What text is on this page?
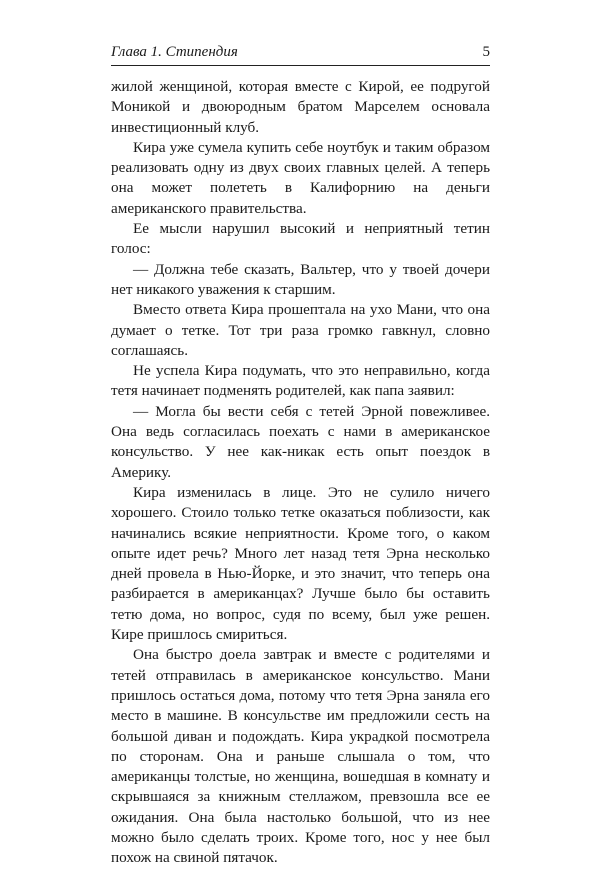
Глава 1. Стипендия	5

жилой женщиной, которая вместе с Кирой, ее подругой Моникой и двоюродным братом Марселем основала инвестиционный клуб.

Кира уже сумела купить себе ноутбук и таким образом реализовать одну из двух своих главных целей. А теперь она может полететь в Калифорнию на деньги американского правительства.

Ее мысли нарушил высокий и неприятный тетин голос:

— Должна тебе сказать, Вальтер, что у твоей дочери нет никакого уважения к старшим.

Вместо ответа Кира прошептала на ухо Мани, что она думает о тетке. Тот три раза громко гавкнул, словно соглашаясь.

Не успела Кира подумать, что это неправильно, когда тетя начинает подменять родителей, как папа заявил:

— Могла бы вести себя с тетей Эрной повежливее. Она ведь согласилась поехать с нами в американское консульство. У нее как-никак есть опыт поездок в Америку.

Кира изменилась в лице. Это не сулило ничего хорошего. Стоило только тетке оказаться поблизости, как начинались всякие неприятности. Кроме того, о каком опыте идет речь? Много лет назад тетя Эрна несколько дней провела в Нью-Йорке, и это значит, что теперь она разбирается в американцах? Лучше было бы оставить тетю дома, но вопрос, судя по всему, был уже решен. Кире пришлось смириться.

Она быстро доела завтрак и вместе с родителями и тетей отправилась в американское консульство. Мани пришлось остаться дома, потому что тетя Эрна заняла его место в машине. В консульстве им предложили сесть на большой диван и подождать. Кира украдкой посмотрела по сторонам. Она и раньше слышала о том, что американцы толстые, но женщина, вошедшая в комнату и скрывшаяся за книжным стеллажом, превзошла все ее ожидания. Она была настолько большой, что из нее можно было сделать троих. Кроме того, нос у нее был похож на свиной пятачок.
